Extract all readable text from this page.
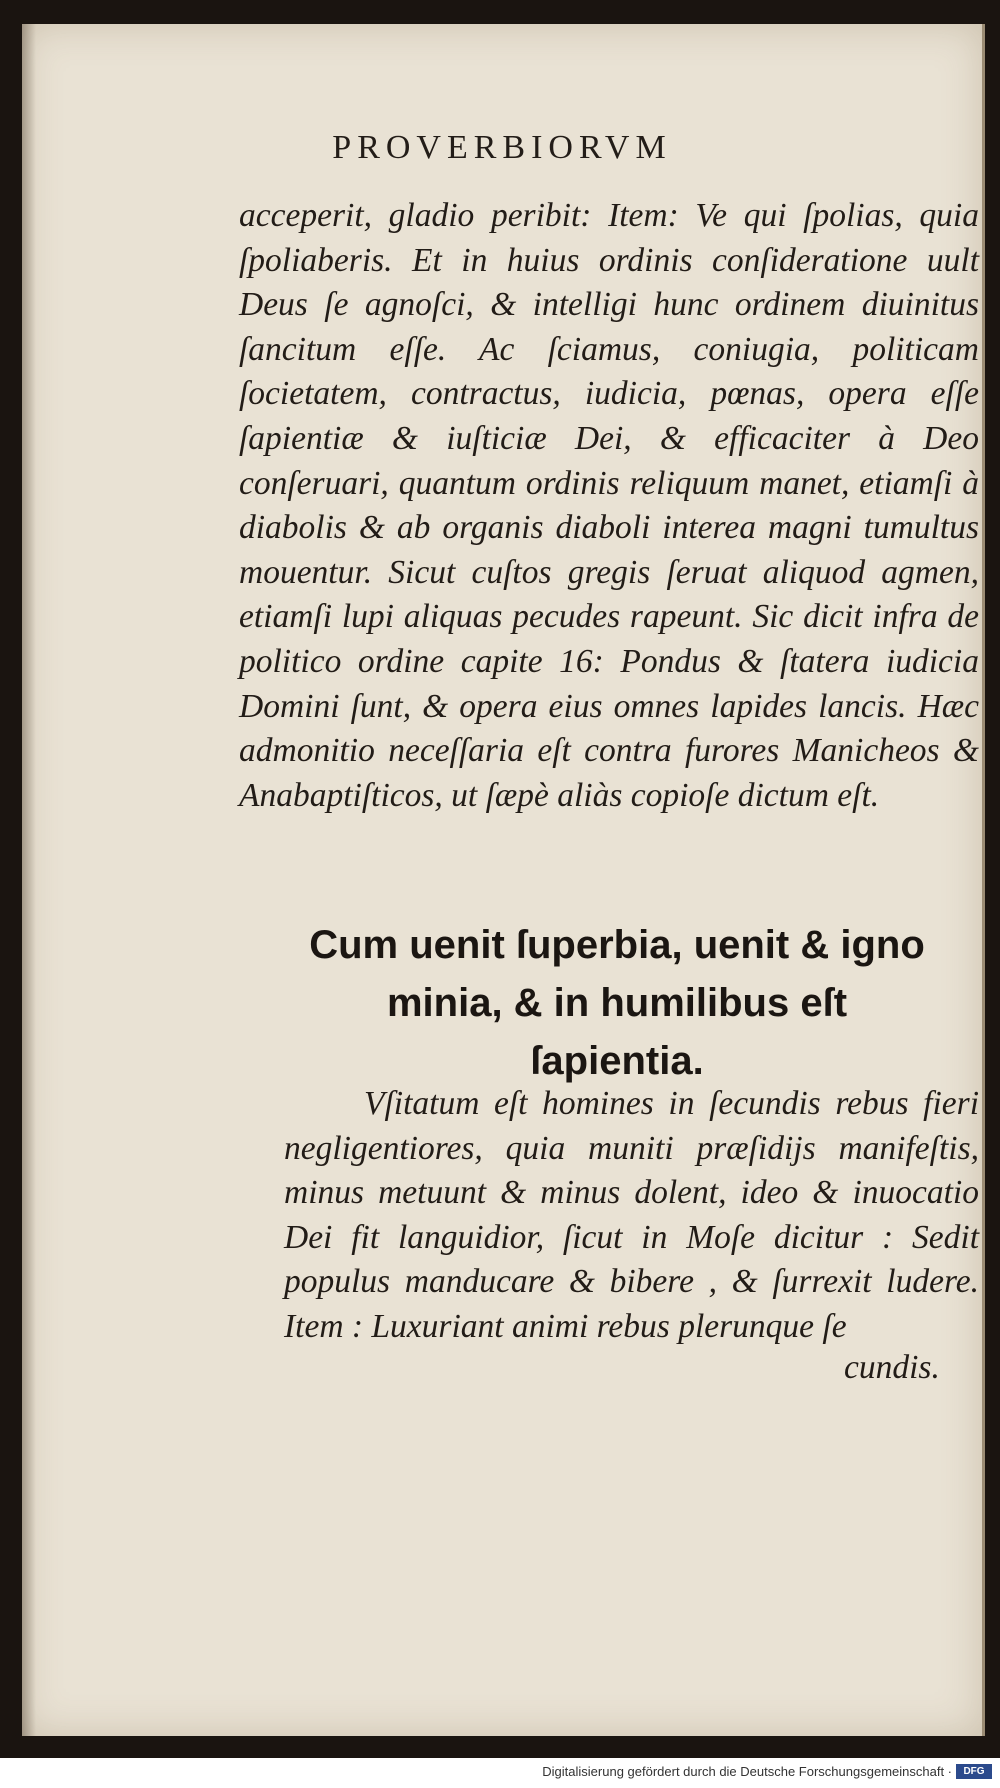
PROVERBIORVM

acceperit, gladio peribit: Item: Ve qui ſpolias, quia ſpoliaberis. Et in huius ordinis conſideratione uult Deus ſe agnoſci, & intelligi hunc ordinem diuinitus ſancitum eſſe. Ac ſciamus, coniugia, politicam ſocietatem, contractus, iudicia, pœnas, opera eſſe ſapientiæ & iuſticiæ Dei, & efficaciter à Deo conſeruari, quantum ordinis reliquum manet, etiamſi à diabolis & ab organis diaboli interea magni tumultus mouentur. Sicut cuſtos gregis ſeruat aliquod agmen, etiamſi lupi aliquas pecudes rapeunt. Sic dicit infra de politico ordine capite 16: Pondus & ſtatera iudicia Domini ſunt, & opera eius omnes lapides lancis. Hæc admonitio neceſſaria eſt contra furores Manicheos & Anabaptiſticos, ut ſæpè aliàs copioſe dictum eſt.

Cum uenit ſuperbia, uenit & igno
minia, & in humilibus eſt
ſapientia.

Vſitatum eſt homines in ſecundis rebus fieri negligentiores, quia muniti præſidijs manifeſtis, minus metuunt & minus dolent, ideo & inuocatio Dei fit languidior, ſicut in Moſe dicitur : Sedit populus manducare & bibere , & ſurrexit ludere. Item : Luxuriant animi rebus plerunque ſe

cundis.
Digitalisierung gefördert durch die Deutsche Forschungsgemeinschaft ·	DFG
